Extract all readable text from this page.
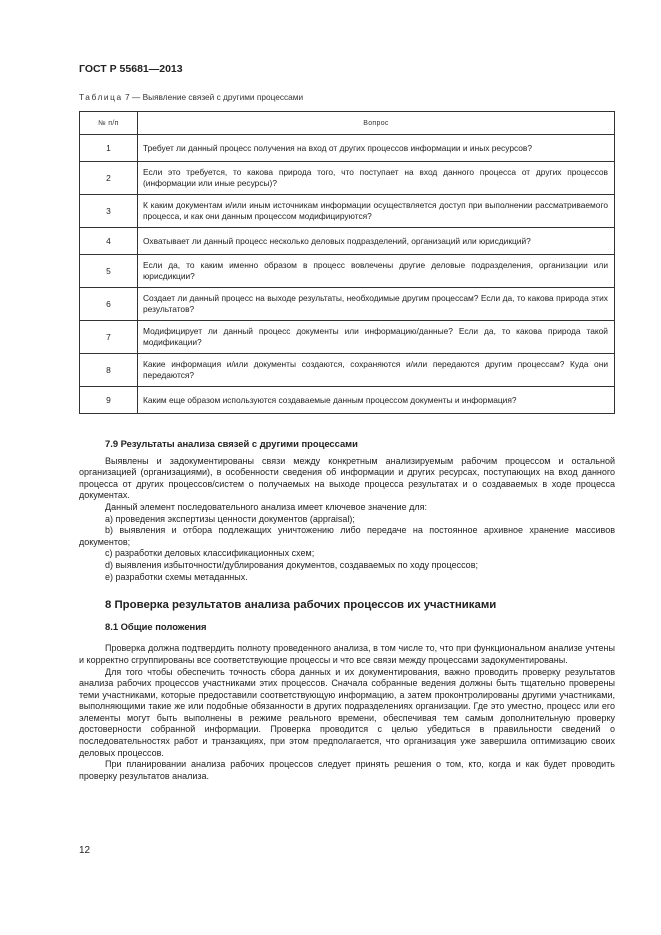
ГОСТ Р 55681—2013
Таблица 7 — Выявление связей с другими процессами
№ п/п	Вопрос
1	Требует ли данный процесс получения на вход от других процессов информации и иных ресурсов?
2	Если это требуется, то какова природа того, что поступает на вход данного процесса от других процессов (информации или иные ресурсы)?
3	К каким документам и/или иным источникам информации осуществляется доступ при выполнении рассматриваемого процесса, и как они данным процессом модифицируются?
4	Охватывает ли данный процесс несколько деловых подразделений, организаций или юрисдикций?
5	Если да, то каким именно образом в процесс вовлечены другие деловые подразделения, организации или юрисдикции?
6	Создает ли данный процесс на выходе результаты, необходимые другим процессам? Если да, то какова природа этих результатов?
7	Модифицирует ли данный процесс документы или информацию/данные? Если да, то какова природа такой модификации?
8	Какие информация и/или документы создаются, сохраняются и/или передаются другим процессам? Куда они передаются?
9	Каким еще образом используются создаваемые данным процессом документы и информация?
7.9 Результаты анализа связей с другими процессами

Выявлены и задокументированы связи между конкретным анализируемым рабочим процессом и остальной организацией (организациями), в особенности сведения об информации и других ресурсах, поступающих на вход данного процесса от других процессов/систем о получаемых на выходе процесса результатах и о создаваемых в ходе процесса документах.

Данный элемент последовательного анализа имеет ключевое значение для:

a) проведения экспертизы ценности документов (appraisal);

b) выявления и отбора подлежащих уничтожению либо передаче на постоянное архивное хранение массивов документов;

c) разработки деловых классификационных схем;

d) выявления избыточности/дублирования документов, создаваемых по ходу процессов;

e) разработки схемы метаданных.

8 Проверка результатов анализа рабочих процессов их участниками
8.1 Общие положения

Проверка должна подтвердить полноту проведенного анализа, в том числе то, что при функциональном анализе учтены и корректно сгруппированы все соответствующие процессы и что все связи между процессами задокументированы.

Для того чтобы обеспечить точность сбора данных и их документирования, важно проводить проверку результатов анализа рабочих процессов участниками этих процессов. Сначала собранные ведения должны быть тщательно проверены теми участниками, которые предоставили соответствующую информацию, а затем проконтролированы другими участниками, выполняющими такие же или подобные обязанности в других подразделениях организации. Где это уместно, процесс или его элементы могут быть выполнены в режиме реального времени, обеспечивая тем самым дополнительную проверку достоверности собранной информации. Проверка проводится с целью убедиться в правильности сведений о последовательностях работ и транзакциях, при этом предполагается, что организация уже завершила оптимизацию своих деловых процессов.

При планировании анализа рабочих процессов следует принять решения о том, кто, когда и как будет проводить проверку результатов анализа.

12
